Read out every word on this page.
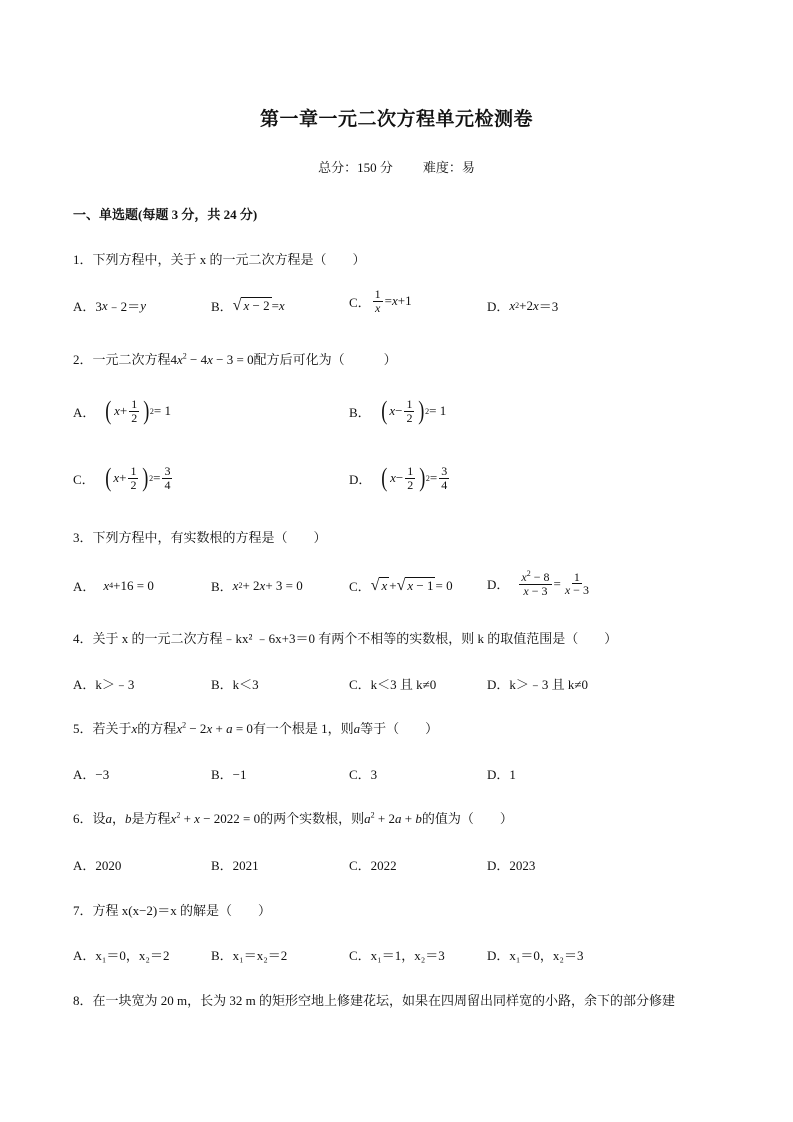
第一章一元二次方程单元检测卷
总分：150 分 难度：易
一、单选题(每题 3 分，共 24 分)
1．下列方程中，关于 x 的一元二次方程是（　　）
A．3 x ﹣2＝ y	B． √ x − 2 = x	C． $\frac{1}{x} = x +1$	D． x 2 +2 x ＝3
2．一元二次方程$4x^2 - 4x - 3 = 0$配方后可化为（　　　）
A． ( $x + \frac{1}{2}$ ) 2 = 1	B． ( $x - \frac{1}{2}$ ) 2 = 1
C． ( $x + \frac{1}{2}$ ) $2 = \frac{3}{4}$	D． ( $x - \frac{1}{2}$ ) $2 = \frac{3}{4}$
3．下列方程中，有实数根的方程是（　　）
A． x 4 +16 = 0	B． x 2 + 2 x + 3 = 0	C． √ x + √ x − 1 = 0	D． $\frac{x^2 - 8}{x - 3} = \frac{1}{x - 3}$
4．关于 x 的一元二次方程﹣kx² ﹣6x+3＝0 有两个不相等的实数根，则 k 的取值范围是（　　）
A．k＞﹣3	B．k＜3	C．k＜3 且 k≠0	D．k＞﹣3 且 k≠0
5．若关于x的方程$x^2 - 2x + a = 0$有一个根是 1，则a等于（　　）
A．−3	B．−1	C．3	D．1
6．设a，b是方程$x^2 + x - 2022 = 0$的两个实数根，则$a^2 + 2a + b$的值为（　　）
A．2020	B．2021	C．2022	D．2023
7．方程 x(x−2)＝x 的解是（　　）
A．x₁＝0，x₂＝2	B．x₁＝x₂＝2	C．x₁＝1，x₂＝3	D．x₁＝0，x₂＝3
8．在一块宽为 20 m，长为 32 m 的矩形空地上修建花坛，如果在四周留出同样宽的小路，余下的部分修建
